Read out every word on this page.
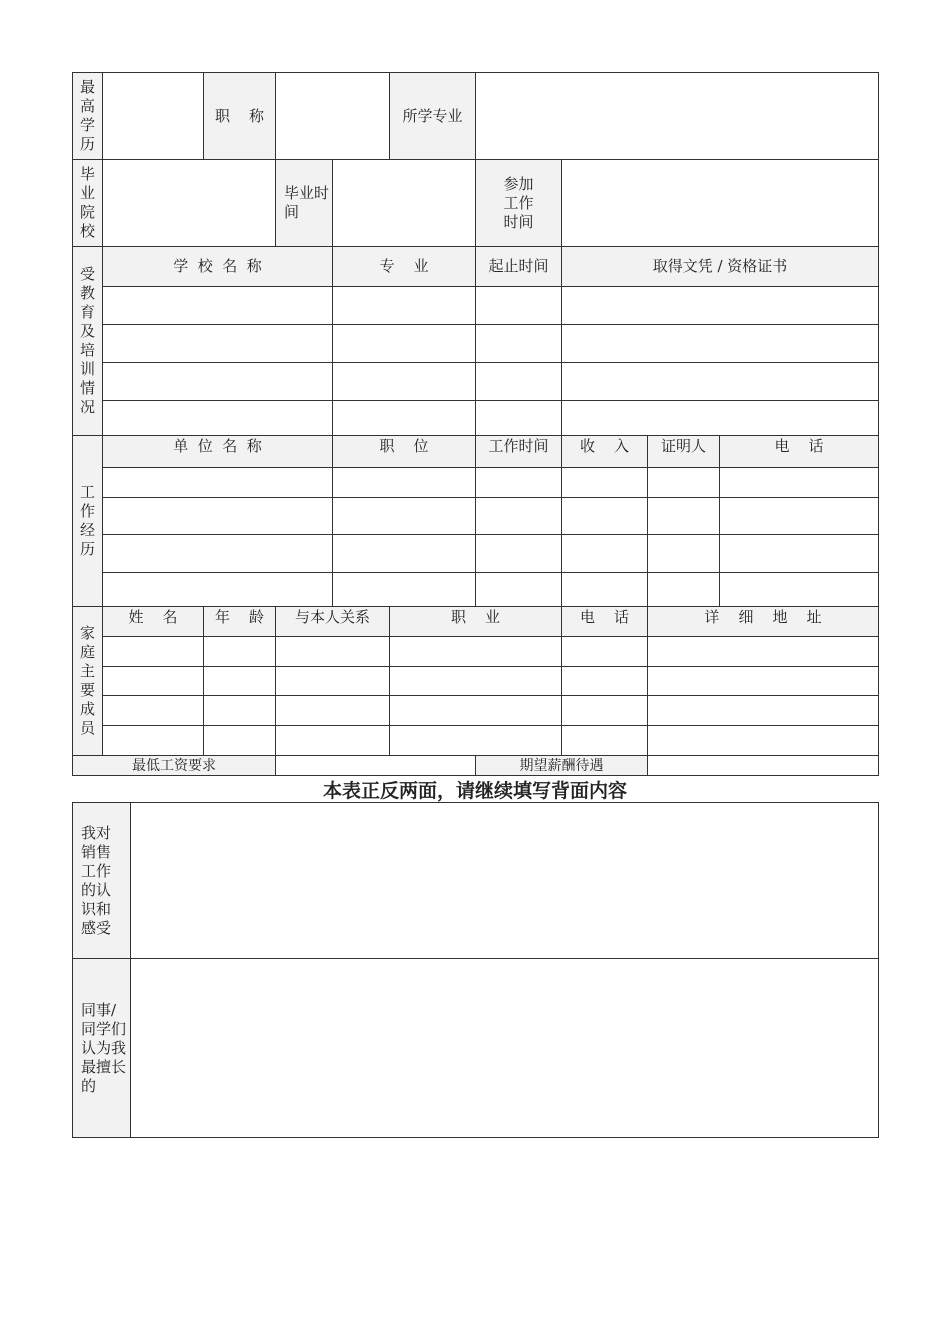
最高学历		职    称			所学专业				
毕业院校			毕业时间			参加工作时间			
受教育及培训情况	学  校  名  称			专    业		起止时间	取得文凭 / 资格证书		

工作经历	单  位  名  称			职    位		工作时间	收    入	证明人	电    话

家庭主要成员	姓    名	年    龄	与本人关系		职    业		电    话	详    细    地    址	

最低工资要求						期望薪酬待遇			
本表正反两面，请继续填写背面内容
我对销售工作的认识和感受	
同事/同学们认为我最擅长的	
